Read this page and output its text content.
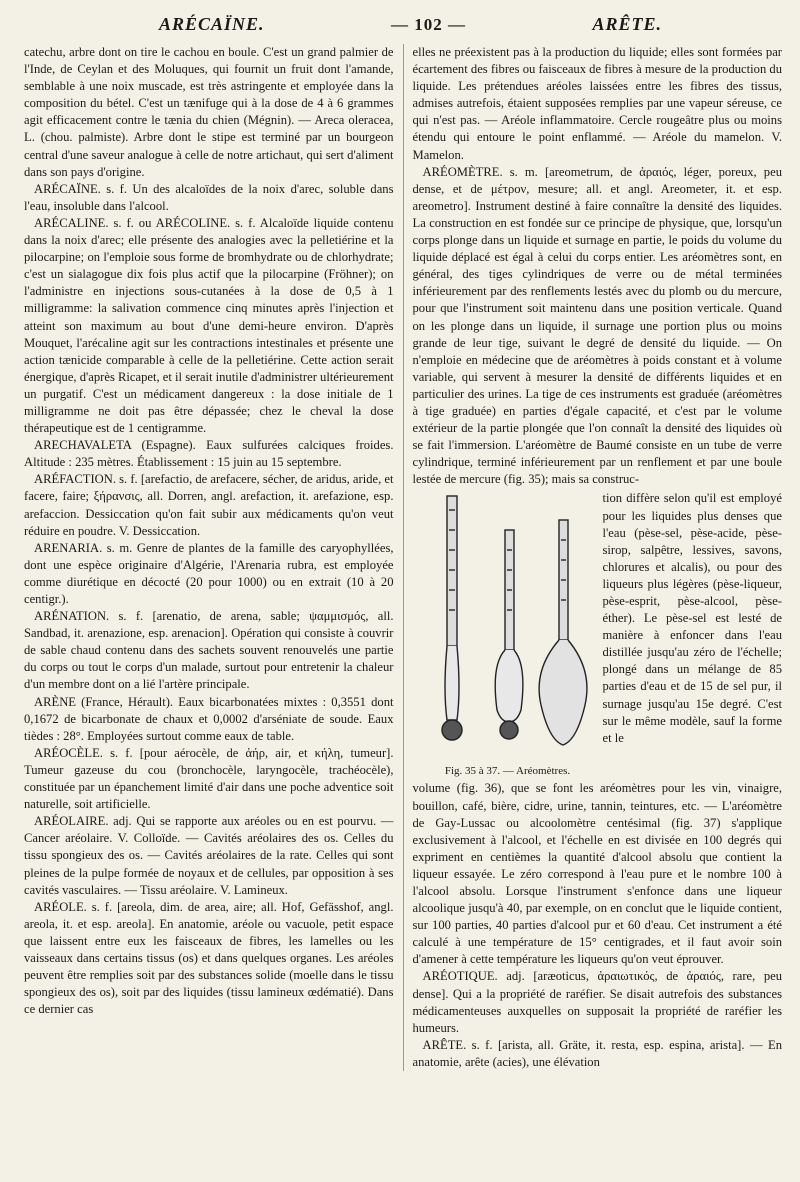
ARÉCAÏNE.	— 102 —	ARÊTE.

catechu, arbre dont on tire le cachou en boule. C'est un grand palmier de l'Inde, de Ceylan et des Moluques, qui fournit un fruit dont l'amande, semblable à une noix muscade, est très astringente et employée dans la composition du bétel. C'est un tænifuge qui à la dose de 4 à 6 grammes agit efficacement contre le tænia du chien (Mégnin). — Areca oleracea, L. (chou. palmiste). Arbre dont le stipe est terminé par un bourgeon central d'une saveur analogue à celle de notre artichaut, qui sert d'aliment dans son pays d'origine.

ARÉCAÏNE. s. f. Un des alcaloïdes de la noix d'arec, soluble dans l'eau, insoluble dans l'alcool.

ARÉCALINE. s. f. ou ARÉCOLINE. s. f. Alcaloïde liquide contenu dans la noix d'arec; elle présente des analogies avec la pelletiérine et la pilocarpine; on l'emploie sous forme de bromhydrate ou de chlorhydrate; c'est un sialagogue dix fois plus actif que la pilocarpine (Fröhner); on l'administre en injections sous-cutanées à la dose de 0,5 à 1 milligramme: la salivation commence cinq minutes après l'injection et atteint son maximum au bout d'une demi-heure environ. D'après Mouquet, l'arécaline agit sur les contractions intestinales et présente une action tænicide comparable à celle de la pelletiérine. Cette action serait énergique, d'après Ricapet, et il serait inutile d'administrer ultérieurement un purgatif. C'est un médicament dangereux : la dose initiale de 1 milligramme ne doit pas être dépassée; chez le cheval la dose thérapeutique est de 1 centigramme.

ARECHAVALETA (Espagne). Eaux sulfurées calciques froides. Altitude : 235 mètres. Établissement : 15 juin au 15 septembre.

ARÉFACTION. s. f. [arefactio, de arefacere, sécher, de aridus, aride, et facere, faire; ξήρανσις, all. Dorren, angl. arefaction, it. arefazione, esp. arefaccion. Dessiccation qu'on fait subir aux médicaments qu'on veut réduire en poudre. V. Dessiccation.

ARENARIA. s. m. Genre de plantes de la famille des caryophyllées, dont une espèce originaire d'Algérie, l'Arenaria rubra, est employée comme diurétique en décocté (20 pour 1000) ou en extrait (10 à 20 centigr.).

ARÉNATION. s. f. [arenatio, de arena, sable; ψαμμισμός, all. Sandbad, it. arenazione, esp. arenacion]. Opération qui consiste à couvrir de sable chaud contenu dans des sachets souvent renouvelés une partie du corps ou tout le corps d'un malade, surtout pour entretenir la chaleur d'un membre dont on a lié l'artère principale.

ARÈNE (France, Hérault). Eaux bicarbonatées mixtes : 0,3551 dont 0,1672 de bicarbonate de chaux et 0,0002 d'arséniate de soude. Eaux tièdes : 28°. Employées surtout comme eaux de table.

ARÉOCÈLE. s. f. [pour aérocèle, de ἀήρ, air, et κήλη, tumeur]. Tumeur gazeuse du cou (bronchocèle, laryngocèle, trachéocèle), constituée par un épanchement limité d'air dans une poche adventice soit naturelle, soit artificielle.

ARÉOLAIRE. adj. Qui se rapporte aux aréoles ou en est pourvu. — Cancer aréolaire. V. Colloïde. — Cavités aréolaires des os. Celles du tissu spongieux des os. — Cavités aréolaires de la rate. Celles qui sont pleines de la pulpe formée de noyaux et de cellules, par opposition à ses cavités vasculaires. — Tissu aréolaire. V. Lamineux.

ARÉOLE. s. f. [areola, dim. de area, aire; all. Hof, Gefässhof, angl. areola, it. et esp. areola]. En anatomie, aréole ou vacuole, petit espace que laissent entre eux les faisceaux de fibres, les lamelles ou les vaisseaux dans certains tissus (os) et dans quelques organes. Les aréoles peuvent être remplies soit par des substances solide (moelle dans le tissu spongieux des os), soit par des liquides (tissu lamineux œdématié). Dans ce dernier cas

elles ne préexistent pas à la production du liquide; elles sont formées par écartement des fibres ou faisceaux de fibres à mesure de la production du liquide. Les prétendues aréoles laissées entre les fibres des tissus, admises autrefois, étaient supposées remplies par une vapeur séreuse, ce qui n'est pas. — Aréole inflammatoire. Cercle rougeâtre plus ou moins étendu qui entoure le point enflammé. — Aréole du mamelon. V. Mamelon.

ARÉOMÈTRE. s. m. [areometrum, de ἀραιός, léger, poreux, peu dense, et de μέτρον, mesure; all. et angl. Areometer, it. et esp. areometro]. Instrument destiné à faire connaître la densité des liquides. La construction en est fondée sur ce principe de physique, que, lorsqu'un corps plonge dans un liquide et surnage en partie, le poids du volume du liquide déplacé est égal à celui du corps entier. Les aréomètres sont, en général, des tiges cylindriques de verre ou de métal terminées inférieurement par des renflements lestés avec du plomb ou du mercure, pour que l'instrument soit maintenu dans une position verticale. Quand on les plonge dans un liquide, il surnage une portion plus ou moins grande de leur tige, suivant le degré de densité du liquide. — On n'emploie en médecine que de aréomètres à poids constant et à volume variable, qui servent à mesurer la densité de différents liquides et en particulier des urines. La tige de ces instruments est graduée (aréomètres à tige graduée) en parties d'égale capacité, et c'est par le volume extérieur de la partie plongée que l'on connaît la densité des liquides où se fait l'immersion. L'aréomètre de Baumé consiste en un tube de verre cylindrique, terminé inférieurement par un renflement et par une boule lestée de mercure (fig. 35); mais sa construc-

Fig. 35 à 37. — Aréomètres.
tion diffère selon qu'il est employé pour les liquides plus denses que l'eau (pèse-sel, pèse-acide, pèse-sirop, salpêtre, lessives, savons, chlorures et alcalis), ou pour des liqueurs plus légères (pèse-liqueur, pèse-esprit, pèse-alcool, pèse-éther). Le pèse-sel est lesté de manière à enfoncer dans l'eau distillée jusqu'au zéro de l'échelle; plongé dans un mélange de 85 parties d'eau et de 15 de sel pur, il surnage jusqu'au 15e degré. C'est sur le même modèle, sauf la forme et le

volume (fig. 36), que se font les aréomètres pour les vin, vinaigre, bouillon, café, bière, cidre, urine, tannin, teintures, etc. — L'aréomètre de Gay-Lussac ou alcoolomètre centésimal (fig. 37) s'applique exclusivement à l'alcool, et l'échelle en est divisée en 100 degrés qui expriment en centièmes la quantité d'alcool absolu que contient la liqueur essayée. Le zéro correspond à l'eau pure et le nombre 100 à l'alcool absolu. Lorsque l'instrument s'enfonce dans une liqueur alcoolique jusqu'à 40, par exemple, on en conclut que le liquide contient, sur 100 parties, 40 parties d'alcool pur et 60 d'eau. Cet instrument a été calculé à une température de 15° centigrades, et il faut avoir soin d'amener à cette température les liqueurs qu'on veut éprouver.

ARÉOTIQUE. adj. [aræoticus, ἀραιωτικός, de ἀραιός, rare, peu dense]. Qui a la propriété de raréfier. Se disait autrefois des substances médicamenteuses auxquelles on supposait la propriété de raréfier les humeurs.

ARÊTE. s. f. [arista, all. Gräte, it. resta, esp. espina, arista]. — En anatomie, arête (acies), une élévation
